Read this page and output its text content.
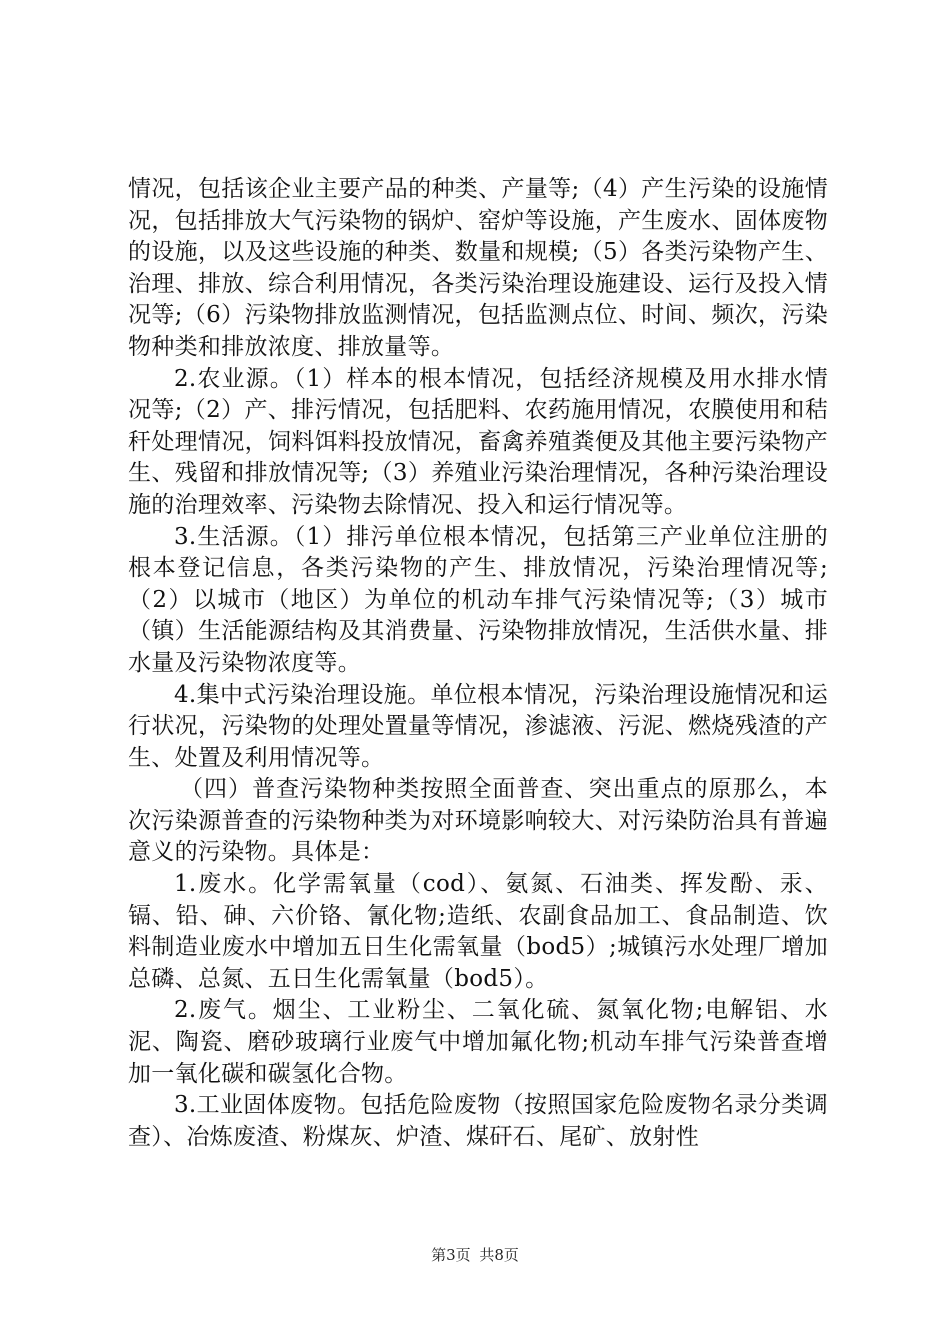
情况，包括该企业主要产品的种类、产量等;（4）产生污染的设施情况，包括排放大气污染物的锅炉、窑炉等设施，产生废水、固体废物的设施，以及这些设施的种类、数量和规模;（5）各类污染物产生、治理、排放、综合利用情况，各类污染治理设施建设、运行及投入情况等;（6）污染物排放监测情况，包括监测点位、时间、频次，污染物种类和排放浓度、排放量等。

2.农业源。（1）样本的根本情况，包括经济规模及用水排水情况等;（2）产、排污情况，包括肥料、农药施用情况，农膜使用和秸秆处理情况，饲料饵料投放情况，畜禽养殖粪便及其他主要污染物产生、残留和排放情况等;（3）养殖业污染治理情况，各种污染治理设施的治理效率、污染物去除情况、投入和运行情况等。

3.生活源。（1）排污单位根本情况，包括第三产业单位注册的根本登记信息，各类污染物的产生、排放情况，污染治理情况等;（2）以城市（地区）为单位的机动车排气污染情况等;（3）城市（镇）生活能源结构及其消费量、污染物排放情况，生活供水量、排水量及污染物浓度等。

4.集中式污染治理设施。单位根本情况，污染治理设施情况和运行状况，污染物的处理处置量等情况，渗滤液、污泥、燃烧残渣的产生、处置及利用情况等。

（四）普查污染物种类按照全面普查、突出重点的原那么，本次污染源普查的污染物种类为对环境影响较大、对污染防治具有普遍意义的污染物。具体是：

1.废水。化学需氧量（cod）、氨氮、石油类、挥发酚、汞、镉、铅、砷、六价铬、氰化物;造纸、农副食品加工、食品制造、饮料制造业废水中增加五日生化需氧量（bod5）;城镇污水处理厂增加总磷、总氮、五日生化需氧量（bod5）。

2.废气。烟尘、工业粉尘、二氧化硫、氮氧化物;电解铝、水泥、陶瓷、磨砂玻璃行业废气中增加氟化物;机动车排气污染普查增加一氧化碳和碳氢化合物。

3.工业固体废物。包括危险废物（按照国家危险废物名录分类调查）、冶炼废渣、粉煤灰、炉渣、煤矸石、尾矿、放射性

第3页 共8页
